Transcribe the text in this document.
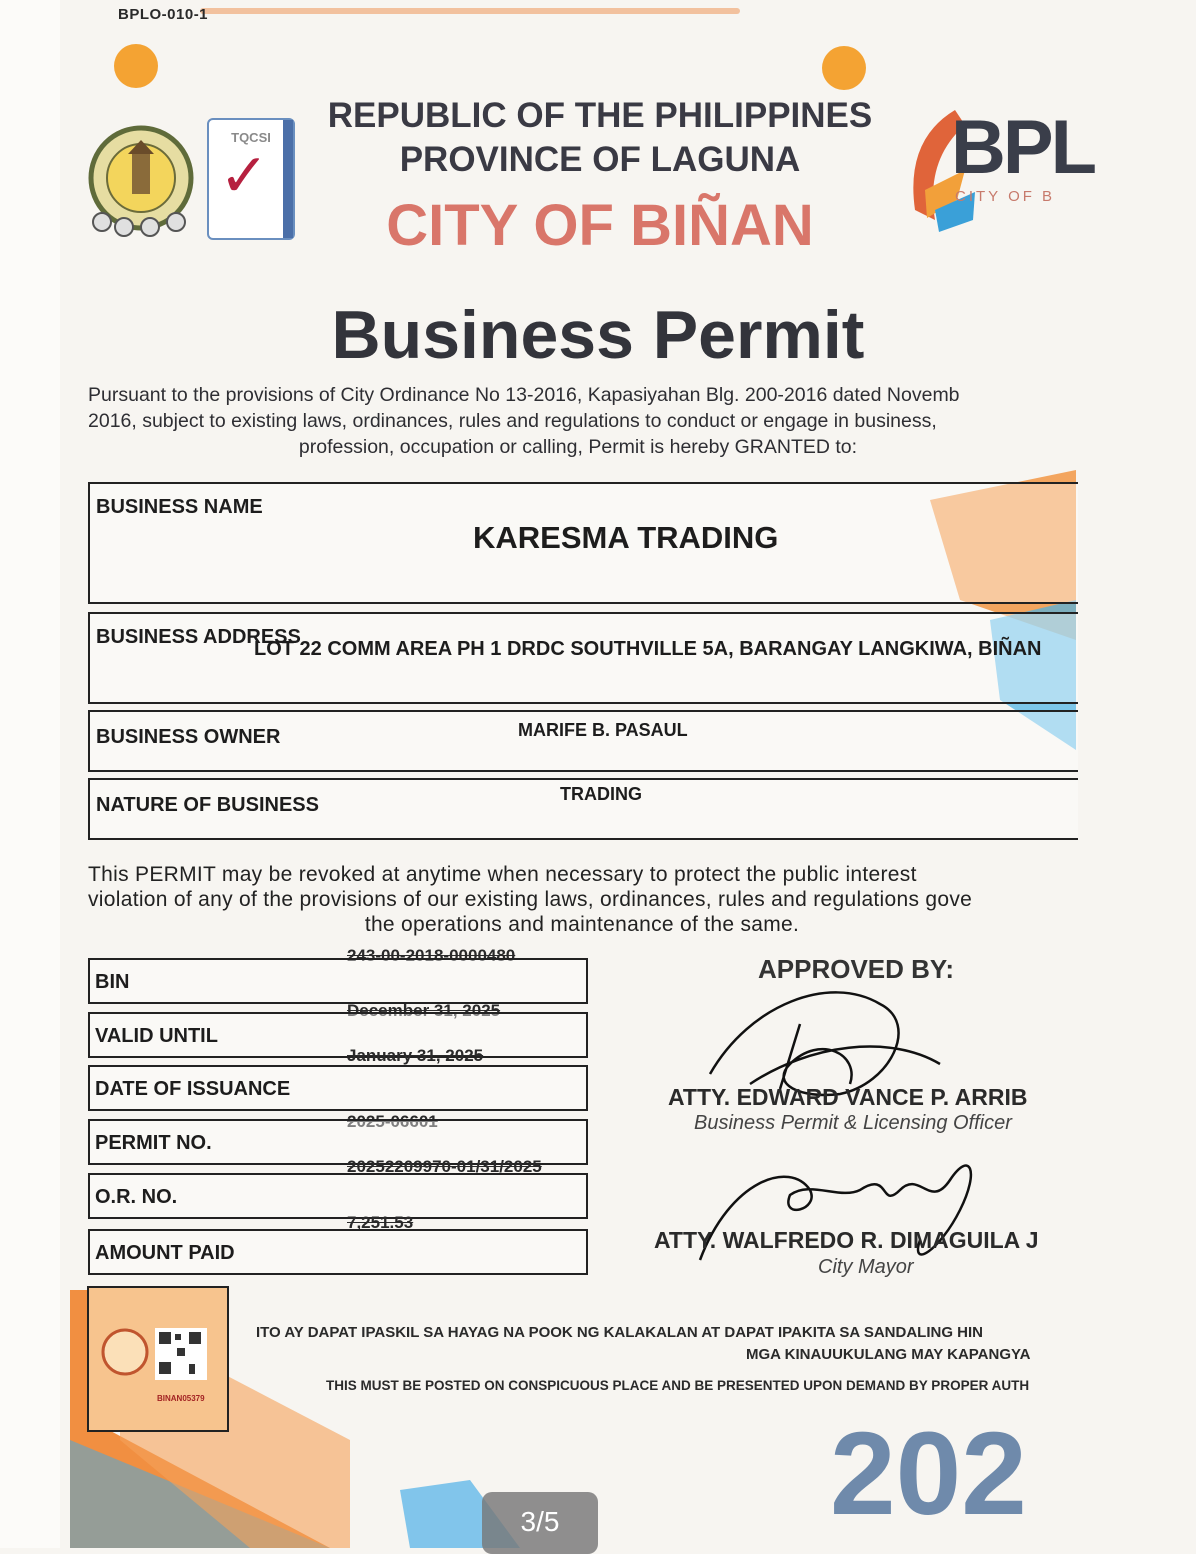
BPLO-010-1
TQCSI
✓
REPUBLIC OF THE PHILIPPINES
PROVINCE OF LAGUNA
CITY OF BIÑAN
BPL
CITY OF B
Business Permit
Pursuant to the provisions of City Ordinance No 13-2016, Kapasiyahan Blg. 200-2016 dated Novemb
2016, subject to existing laws, ordinances, rules and regulations to conduct or engage in business,

profession, occupation or calling, Permit is hereby GRANTED to:
BUSINESS NAME
KARESMA TRADING
BUSINESS ADDRESS
LOT 22 COMM AREA PH 1 DRDC SOUTHVILLE 5A, BARANGAY LANGKIWA, BIÑAN
BUSINESS OWNER	MARIFE B. PASAUL
NATURE OF BUSINESS	TRADING
This PERMIT may be revoked at anytime when necessary to protect the public interest
violation of any of the provisions of our existing laws, ordinances, rules and regulations gove

the operations and maintenance of the same.
243-00-2018-0000480
BIN
December 31, 2025
VALID UNTIL
January 31, 2025
DATE OF ISSUANCE
2025-06601
PERMIT NO.
20252209970-01/31/2025
O.R. NO.
7,251.53
AMOUNT PAID
APPROVED BY:
ATTY. EDWARD VANCE P. ARRIB
Business Permit & Licensing Officer
ATTY. WALFREDO R. DIMAGUILA J
City Mayor
BINAN05379
ITO AY DAPAT IPASKIL SA HAYAG NA POOK NG KALAKALAN AT DAPAT IPAKITA SA SANDALING HIN
MGA KINAUUKULANG MAY KAPANGYA
THIS MUST BE POSTED ON CONSPICUOUS PLACE AND BE PRESENTED UPON DEMAND BY PROPER AUTH
202
3/5
